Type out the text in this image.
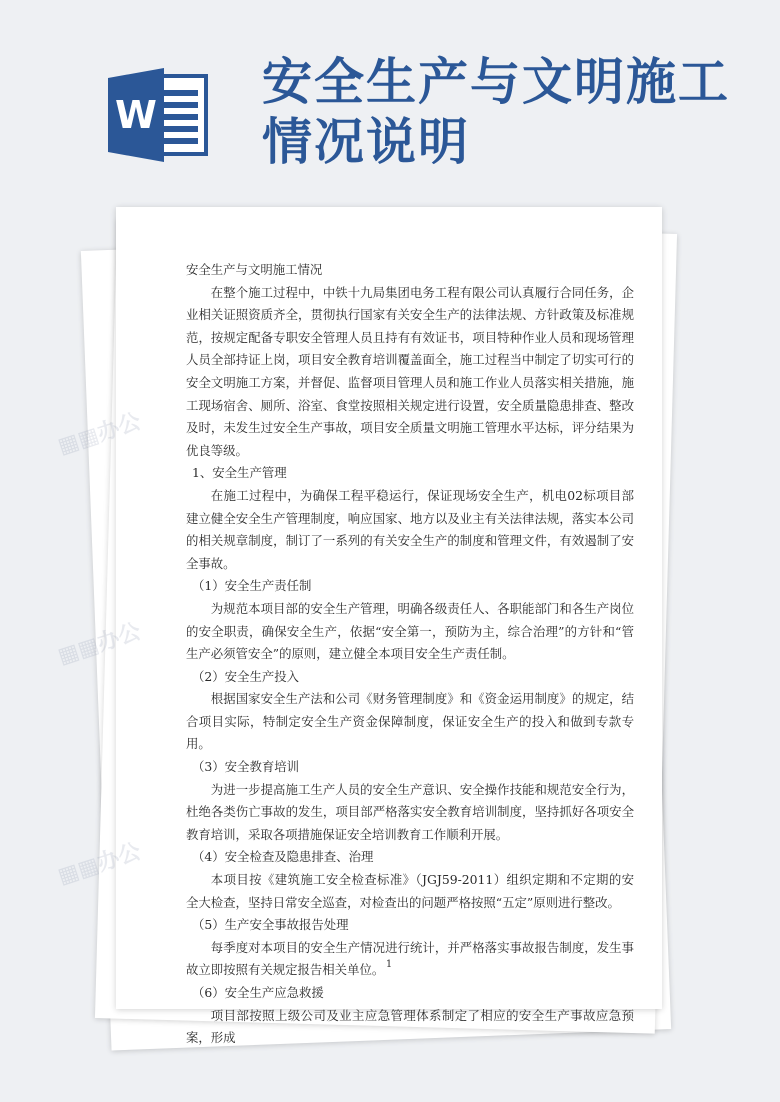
W
安全生产与文明施工情况说明

安全生产与文明施工情况

在整个施工过程中，中铁十九局集团电务工程有限公司认真履行合同任务，企业相关证照资质齐全，贯彻执行国家有关安全生产的法律法规、方针政策及标准规范，按规定配备专职安全管理人员且持有有效证书，项目特种作业人员和现场管理人员全部持证上岗，项目安全教育培训覆盖面全，施工过程当中制定了切实可行的安全文明施工方案，并督促、监督项目管理人员和施工作业人员落实相关措施，施工现场宿舍、厕所、浴室、食堂按照相关规定进行设置，安全质量隐患排查、整改及时，未发生过安全生产事故，项目安全质量文明施工管理水平达标，评分结果为优良等级。

1、安全生产管理

在施工过程中，为确保工程平稳运行，保证现场安全生产，机电02标项目部建立健全安全生产管理制度，响应国家、地方以及业主有关法律法规，落实本公司的相关规章制度，制订了一系列的有关安全生产的制度和管理文件，有效遏制了安全事故。

（1）安全生产责任制

为规范本项目部的安全生产管理，明确各级责任人、各职能部门和各生产岗位的安全职责，确保安全生产，依据“安全第一，预防为主，综合治理”的方针和“管生产必须管安全”的原则，建立健全本项目安全生产责任制。

（2）安全生产投入

根据国家安全生产法和公司《财务管理制度》和《资金运用制度》的规定，结合项目实际，特制定安全生产资金保障制度，保证安全生产的投入和做到专款专用。

（3）安全教育培训

为进一步提高施工生产人员的安全生产意识、安全操作技能和规范安全行为，杜绝各类伤亡事故的发生，项目部严格落实安全教育培训制度，坚持抓好各项安全教育培训，采取各项措施保证安全培训教育工作顺利开展。

（4）安全检查及隐患排查、治理

本项目按《建筑施工安全检查标准》（JGJ59-2011）组织定期和不定期的安全大检查，坚持日常安全巡查，对检查出的问题严格按照“五定”原则进行整改。

（5）生产安全事故报告处理

每季度对本项目的安全生产情况进行统计，并严格落实事故报告制度，发生事故立即按照有关规定报告相关单位。

（6）安全生产应急救援

项目部按照上级公司及业主应急管理体系制定了相应的安全生产事故应急预案，形成

1
▦▦办公
▦▦办公
▦▦办公
